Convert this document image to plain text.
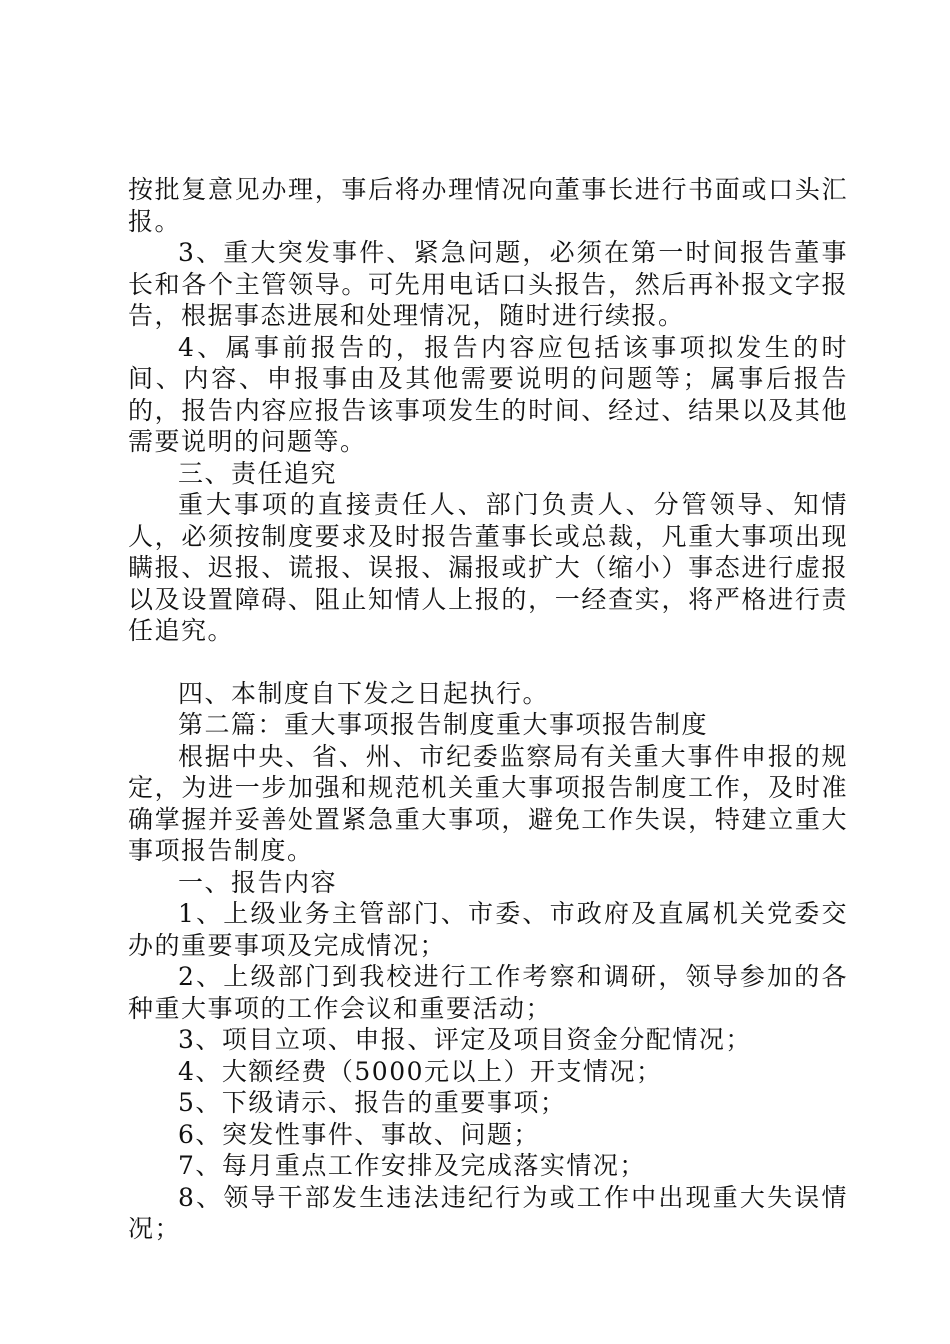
按批复意见办理，事后将办理情况向董事长进行书面或口头汇报。

3、重大突发事件、紧急问题，必须在第一时间报告董事长和各个主管领导。可先用电话口头报告，然后再补报文字报告，根据事态进展和处理情况，随时进行续报。

4、属事前报告的，报告内容应包括该事项拟发生的时间、内容、申报事由及其他需要说明的问题等；属事后报告的，报告内容应报告该事项发生的时间、经过、结果以及其他需要说明的问题等。

三、责任追究

重大事项的直接责任人、部门负责人、分管领导、知情人，必须按制度要求及时报告董事长或总裁，凡重大事项出现瞒报、迟报、谎报、误报、漏报或扩大（缩小）事态进行虚报以及设置障碍、阻止知情人上报的，一经查实，将严格进行责任追究。

四、本制度自下发之日起执行。

第二篇：重大事项报告制度重大事项报告制度

根据中央、省、州、市纪委监察局有关重大事件申报的规定，为进一步加强和规范机关重大事项报告制度工作，及时准确掌握并妥善处置紧急重大事项，避免工作失误，特建立重大事项报告制度。

一、报告内容

1、上级业务主管部门、市委、市政府及直属机关党委交办的重要事项及完成情况；

2、上级部门到我校进行工作考察和调研，领导参加的各种重大事项的工作会议和重要活动；

3、项目立项、申报、评定及项目资金分配情况；

4、大额经费（5000元以上）开支情况；

5、下级请示、报告的重要事项；

6、突发性事件、事故、问题；

7、每月重点工作安排及完成落实情况；

8、领导干部发生违法违纪行为或工作中出现重大失误情况；
